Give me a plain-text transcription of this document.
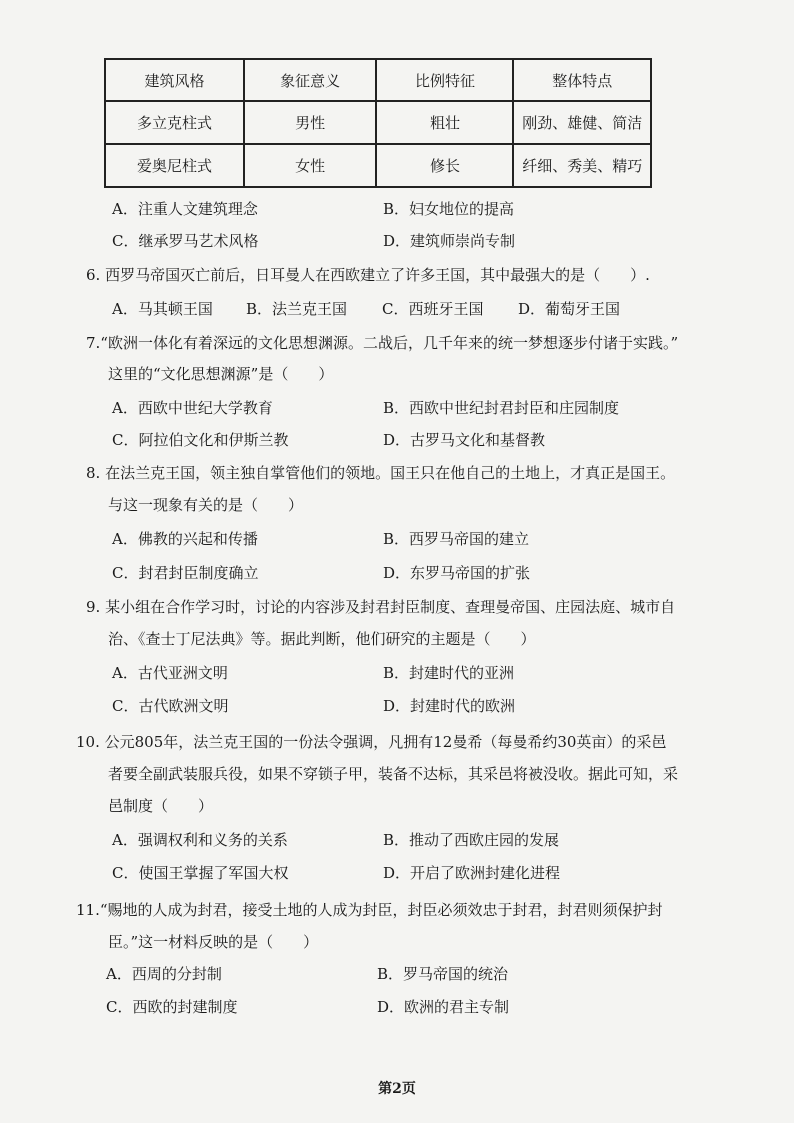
建筑风格	象征意义	比例特征	整体特点
多立克柱式	男性	粗壮	刚劲、雄健、简洁
爱奥尼柱式	女性	修长	纤细、秀美、精巧
A．注重人文建筑理念	B．妇女地位的提高
C．继承罗马艺术风格	D．建筑师崇尚专制
6. 西罗马帝国灭亡前后，日耳曼人在西欧建立了许多王国，其中最强大的是（　　）.
A．马其顿王国 B．法兰克王国 C．西班牙王国 D．葡萄牙王国
7.“欧洲一体化有着深远的文化思想渊源。二战后，几千年来的统一梦想逐步付诸于实践。”
这里的“文化思想渊源”是（　　）
A．西欧中世纪大学教育	B．西欧中世纪封君封臣和庄园制度
C．阿拉伯文化和伊斯兰教	D．古罗马文化和基督教
8. 在法兰克王国，领主独自掌管他们的领地。国王只在他自己的土地上，才真正是国王。
与这一现象有关的是（　　）
A．佛教的兴起和传播	B．西罗马帝国的建立
C．封君封臣制度确立	D．东罗马帝国的扩张
9. 某小组在合作学习时，讨论的内容涉及封君封臣制度、查理曼帝国、庄园法庭、城市自
治、《查士丁尼法典》等。据此判断，他们研究的主题是（　　）
A．古代亚洲文明	B．封建时代的亚洲
C．古代欧洲文明	D．封建时代的欧洲
10. 公元805年，法兰克王国的一份法令强调，凡拥有12曼希（每曼希约30英亩）的采邑
者要全副武装服兵役，如果不穿锁子甲，装备不达标，其采邑将被没收。据此可知，采
邑制度（　　）
A．强调权利和义务的关系	B．推动了西欧庄园的发展
C．使国王掌握了军国大权	D．开启了欧洲封建化进程
11.“赐地的人成为封君，接受土地的人成为封臣，封臣必须效忠于封君，封君则须保护封
臣。”这一材料反映的是（　　）
A．西周的分封制	B．罗马帝国的统治
C．西欧的封建制度	D．欧洲的君主专制
第2页
